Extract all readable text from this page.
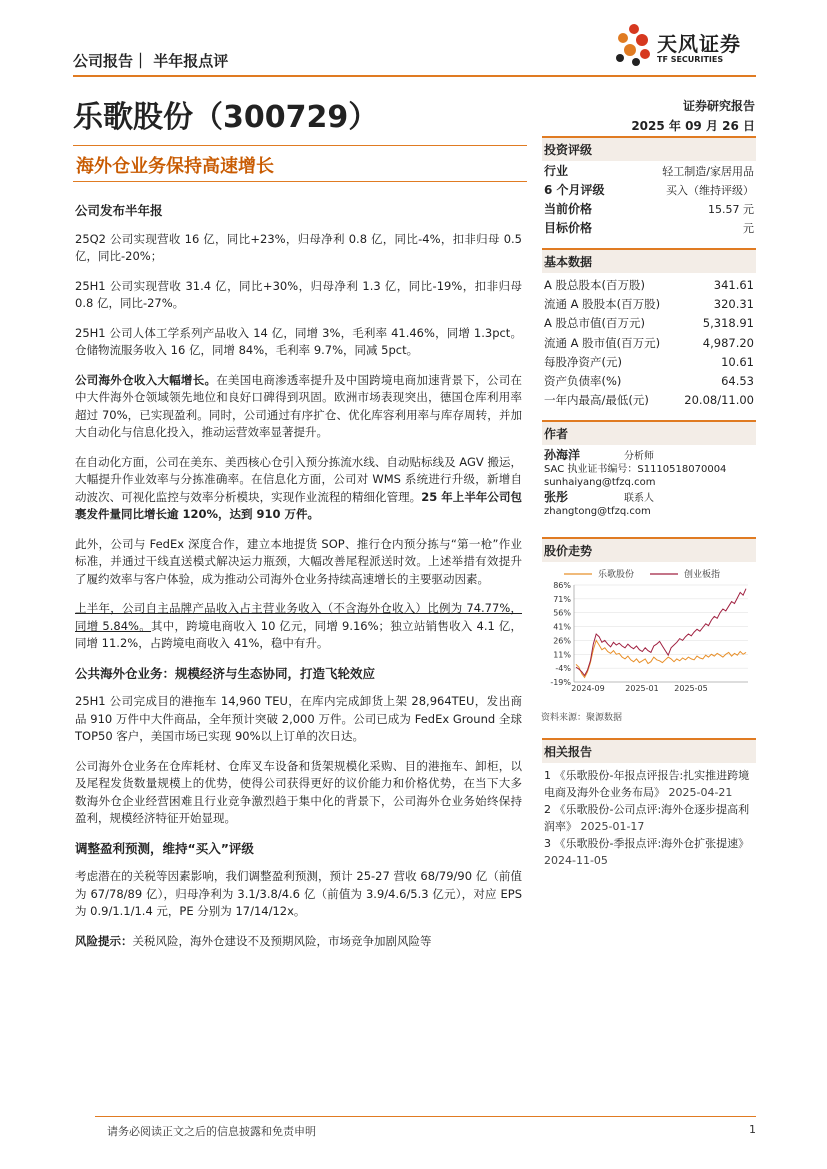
公司报告｜ 半年报点评
天风证券
TF SECURITIES
乐歌股份（300729）	证券研究报告
2025 年 09 月 26 日
海外仓业务保持高速增长
公司发布半年报

25Q2 公司实现营收 16 亿，同比+23%，归母净利 0.8 亿，同比-4%，扣非归母 0.5 亿，同比-20%；

25H1 公司实现营收 31.4 亿，同比+30%，归母净利 1.3 亿，同比-19%，扣非归母 0.8 亿，同比-27%。

25H1 公司人体工学系列产品收入 14 亿，同增 3%，毛利率 41.46%，同增 1.3pct。仓储物流服务收入 16 亿，同增 84%，毛利率 9.7%，同减 5pct。

公司海外仓收入大幅增长。在美国电商渗透率提升及中国跨境电商加速背景下，公司在中大件海外仓领域领先地位和良好口碑得到巩固。欧洲市场表现突出，德国仓库利用率超过 70%，已实现盈利。同时，公司通过有序扩仓、优化库容利用率与库存周转，并加大自动化与信息化投入，推动运营效率显著提升。

在自动化方面，公司在美东、美西核心仓引入预分拣流水线、自动贴标线及 AGV 搬运，大幅提升作业效率与分拣准确率。在信息化方面，公司对 WMS 系统进行升级，新增自动波次、可视化监控与效率分析模块，实现作业流程的精细化管理。25 年上半年公司包裹发件量同比增长逾 120%，达到 910 万件。

此外，公司与 FedEx 深度合作，建立本地提货 SOP、推行仓内预分拣与“第一枪”作业标准，并通过干线直送模式解决运力瓶颈，大幅改善尾程派送时效。上述举措有效提升了履约效率与客户体验，成为推动公司海外仓业务持续高速增长的主要驱动因素。

上半年，公司自主品牌产品收入占主营业务收入（不含海外仓收入）比例为 74.77%，同增 5.84%。其中，跨境电商收入 10 亿元，同增 9.16%；独立站销售收入 4.1 亿，同增 11.2%，占跨境电商收入 41%，稳中有升。

公共海外仓业务：规模经济与生态协同，打造飞轮效应

25H1 公司完成目的港拖车 14,960 TEU，在库内完成卸货上架 28,964TEU，发出商品 910 万件中大件商品，全年预计突破 2,000 万件。公司已成为 FedEx Ground 全球 TOP50 客户，美国市场已实现 90%以上订单的次日达。

公司海外仓业务在仓库耗材、仓库叉车设备和货架规模化采购、目的港拖车、卸柜，以及尾程发货数量规模上的优势，使得公司获得更好的议价能力和价格优势，在当下大多数海外仓企业经营困难且行业竞争激烈趋于集中化的背景下，公司海外仓业务始终保持盈利，规模经济特征开始显现。

调整盈利预测，维持“买入”评级

考虑潜在的关税等因素影响，我们调整盈利预测，预计 25-27 营收 68/79/90 亿（前值为 67/78/89 亿），归母净利为 3.1/3.8/4.6 亿（前值为 3.9/4.6/5.3 亿元），对应 EPS 为 0.9/1.1/1.4 元，PE 分别为 17/14/12x。

风险提示：关税风险，海外仓建设不及预期风险，市场竞争加剧风险等

投资评级
行业	轻工制造/家居用品
6 个月评级	买入（维持评级）
当前价格	15.57 元
目标价格	元
基本数据
A 股总股本(百万股)	341.61
流通 A 股股本(百万股)	320.31
A 股总市值(百万元)	5,318.91
流通 A 股市值(百万元)	4,987.20
每股净资产(元)	10.61
资产负债率(%)	64.53
一年内最高/最低(元)	20.08/11.00
作者
孙海洋	分析师
SAC 执业证书编号：S1110518070004
sunhaiyang@tfzq.com
张彤	联系人
zhangtong@tfzq.com
股价走势
乐歌股份	创业板指
86%
71%
56%
41%
26%
11%
-4%
-19%
2024-09	2025-01 2025-05
资料来源：聚源数据
相关报告
1 《乐歌股份-年报点评报告:扎实推进跨境电商及海外仓业务布局》 2025-04-21
2 《乐歌股份-公司点评:海外仓逐步提高利润率》 2025-01-17
3 《乐歌股份-季报点评:海外仓扩张提速》 2024-11-05
请务必阅读正文之后的信息披露和免责申明	1
